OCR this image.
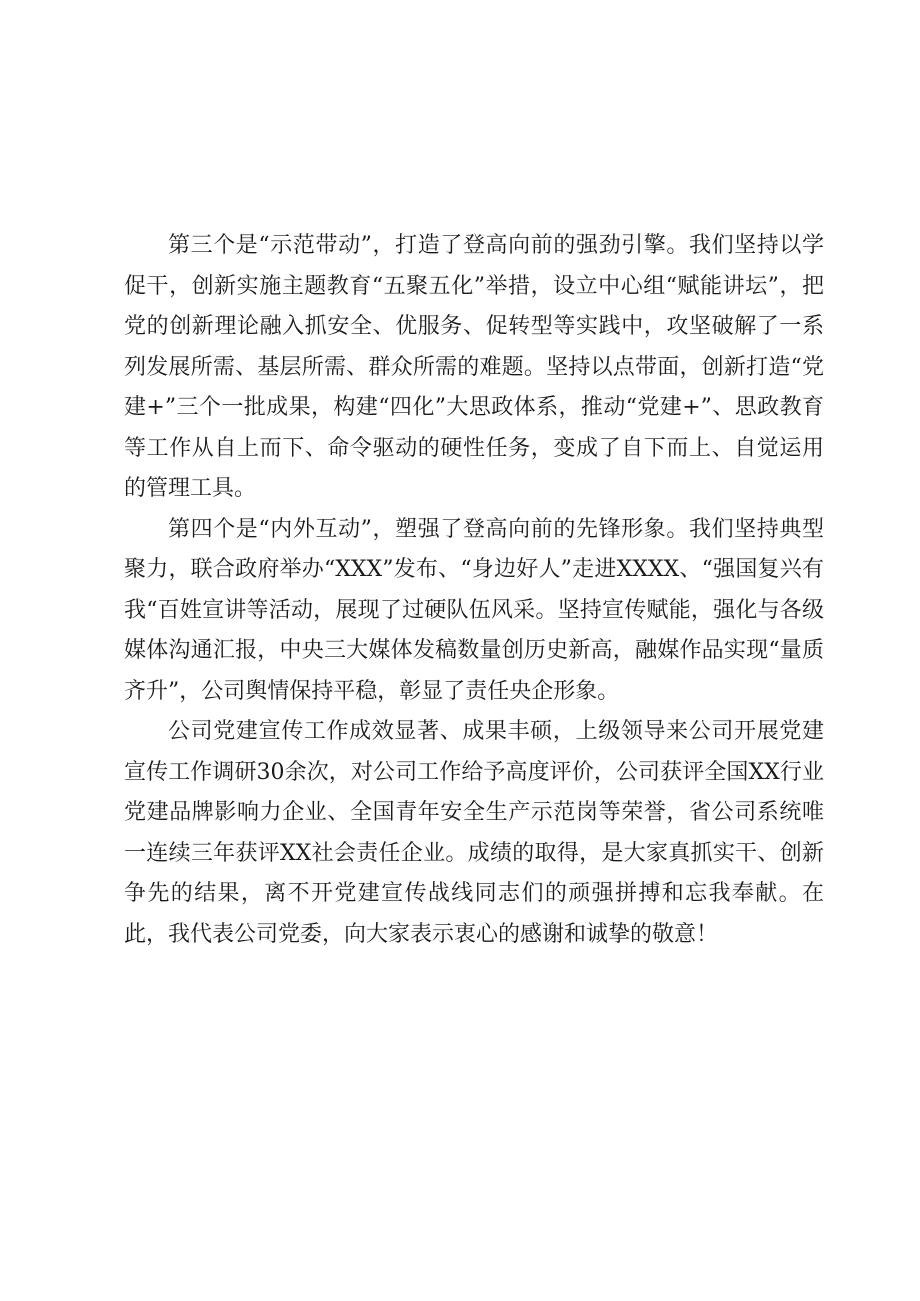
第三个是“示范带动”，打造了登高向前的强劲引擎。我们坚持以学促干，创新实施主题教育“五聚五化”举措，设立中心组“赋能讲坛”，把党的创新理论融入抓安全、优服务、促转型等实践中，攻坚破解了一系列发展所需、基层所需、群众所需的难题。坚持以点带面，创新打造“党建+”三个一批成果，构建“四化”大思政体系，推动“党建+”、思政教育等工作从自上而下、命令驱动的硬性任务，变成了自下而上、自觉运用的管理工具。

第四个是“内外互动”，塑强了登高向前的先锋形象。我们坚持典型聚力，联合政府举办“XXX”发布、“身边好人”走进XXXX、“强国复兴有我“百姓宣讲等活动，展现了过硬队伍风采。坚持宣传赋能，强化与各级媒体沟通汇报，中央三大媒体发稿数量创历史新高，融媒作品实现“量质齐升”，公司舆情保持平稳，彰显了责任央企形象。

公司党建宣传工作成效显著、成果丰硕，上级领导来公司开展党建宣传工作调研30余次，对公司工作给予高度评价，公司获评全国XX行业党建品牌影响力企业、全国青年安全生产示范岗等荣誉，省公司系统唯一连续三年获评XX社会责任企业。成绩的取得，是大家真抓实干、创新争先的结果，离不开党建宣传战线同志们的顽强拼搏和忘我奉献。在此，我代表公司党委，向大家表示衷心的感谢和诚挚的敬意！
